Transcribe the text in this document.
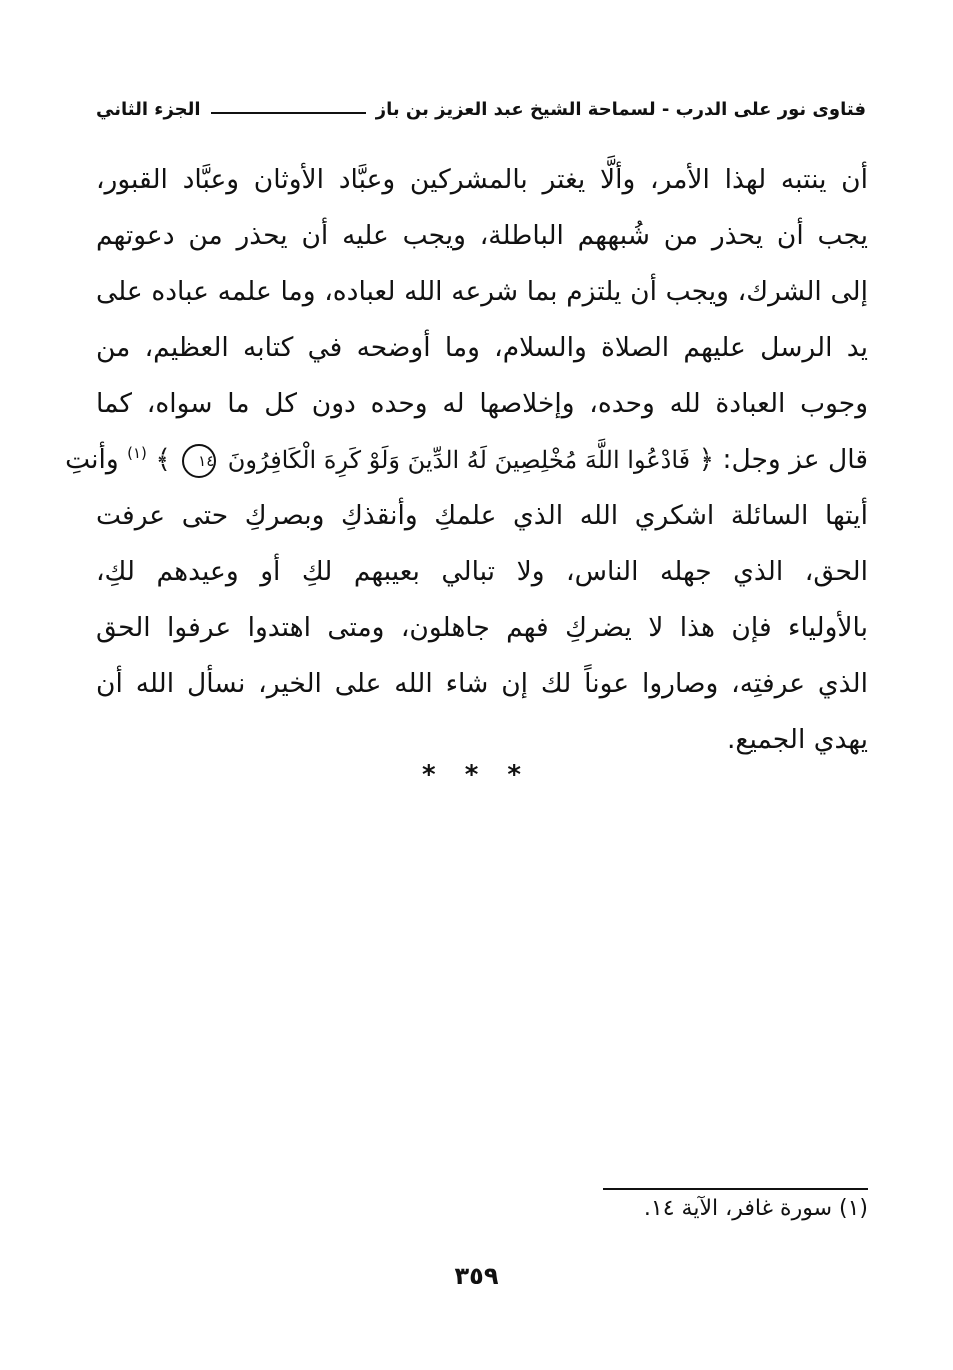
فتاوى نور على الدرب - لسماحة الشيخ عبد العزيز بن باز
الجزء الثاني
أن ينتبه لهذا الأمر، وألَّا يغتر بالمشركين وعبَّاد الأوثان وعبَّاد القبور،
يجب أن يحذر من شُبههم الباطلة، ويجب عليه أن يحذر من دعوتهم
إلى الشرك، ويجب أن يلتزم بما شرعه الله لعباده، وما علمه عباده على
يد الرسل عليهم الصلاة والسلام، وما أوضحه في كتابه العظيم، من
وجوب العبادة لله وحده، وإخلاصها له وحده دون كل ما سواه، كما
قال عز وجل: ﴿ فَادْعُوا اللَّهَ مُخْلِصِينَ لَهُ الدِّينَ وَلَوْ كَرِهَ الْكَافِرُونَ ١٤ ﴾ $^{(١)}$ وأنتِ
أيتها السائلة اشكري الله الذي علمكِ وأنقذكِ وبصركِ حتى عرفت
الحق، الذي جهله الناس، ولا تبالي بعيبهم لكِ أو وعيدهم لكِ،
بالأولياء فإن هذا لا يضركِ فهم جاهلون، ومتى اهتدوا عرفوا الحق
الذي عرفتِه، وصاروا عوناً لك إن شاء الله على الخير، نسأل الله أن
يهدي الجميع.
* * *
(١) سورة غافر، الآية ١٤.
٣٥٩
